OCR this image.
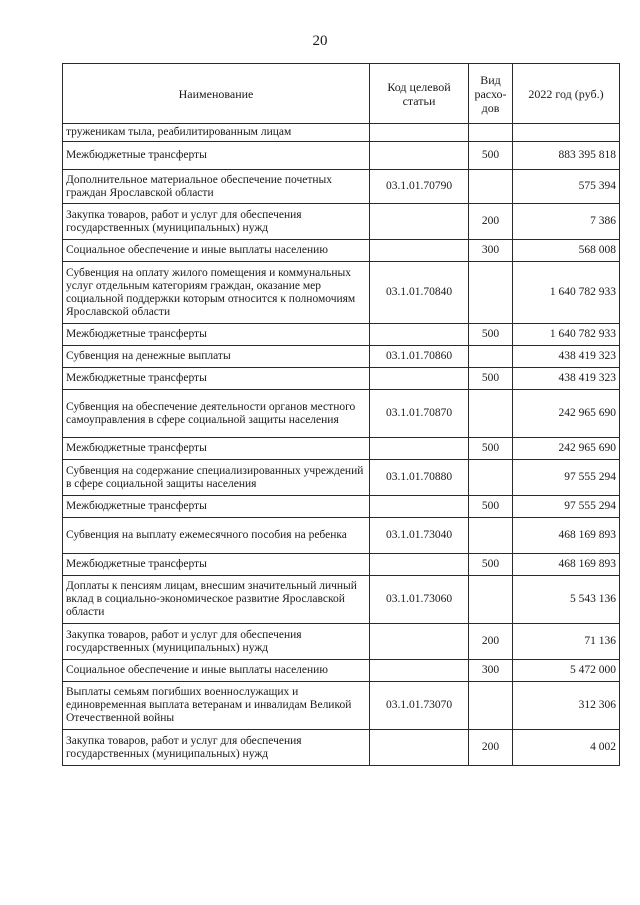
20
Наименование	Код целевой статьи	Вид расхо-дов	2022 год (руб.)
труженикам тыла, реабилитированным лицам			
Межбюджетные трансферты		500	883 395 818
Дополнительное материальное обеспечение почетных граждан Ярославской области	03.1.01.70790		575 394
Закупка товаров, работ и услуг для обеспечения государственных (муниципальных) нужд		200	7 386
Социальное обеспечение и иные выплаты населению		300	568 008
Субвенция на оплату жилого помещения и коммунальных услуг отдельным категориям граждан, оказание мер социальной поддержки которым относится к полномочиям Ярославской области	03.1.01.70840		1 640 782 933
Межбюджетные трансферты		500	1 640 782 933
Субвенция на денежные выплаты	03.1.01.70860		438 419 323
Межбюджетные трансферты		500	438 419 323
Субвенция на обеспечение деятельности органов местного самоуправления в сфере социальной защиты населения	03.1.01.70870		242 965 690
Межбюджетные трансферты		500	242 965 690
Субвенция на содержание специализированных учреждений в сфере социальной защиты населения	03.1.01.70880		97 555 294
Межбюджетные трансферты		500	97 555 294
Субвенция на выплату ежемесячного пособия на ребенка	03.1.01.73040		468 169 893
Межбюджетные трансферты		500	468 169 893
Доплаты к пенсиям лицам, внесшим значительный личный вклад в социально-экономическое развитие Ярославской области	03.1.01.73060		5 543 136
Закупка товаров, работ и услуг для обеспечения государственных (муниципальных) нужд		200	71 136
Социальное обеспечение и иные выплаты населению		300	5 472 000
Выплаты семьям погибших военнослужащих и единовременная выплата ветеранам и инвалидам Великой Отечественной войны	03.1.01.73070		312 306
Закупка товаров, работ и услуг для обеспечения государственных (муниципальных) нужд		200	4 002
